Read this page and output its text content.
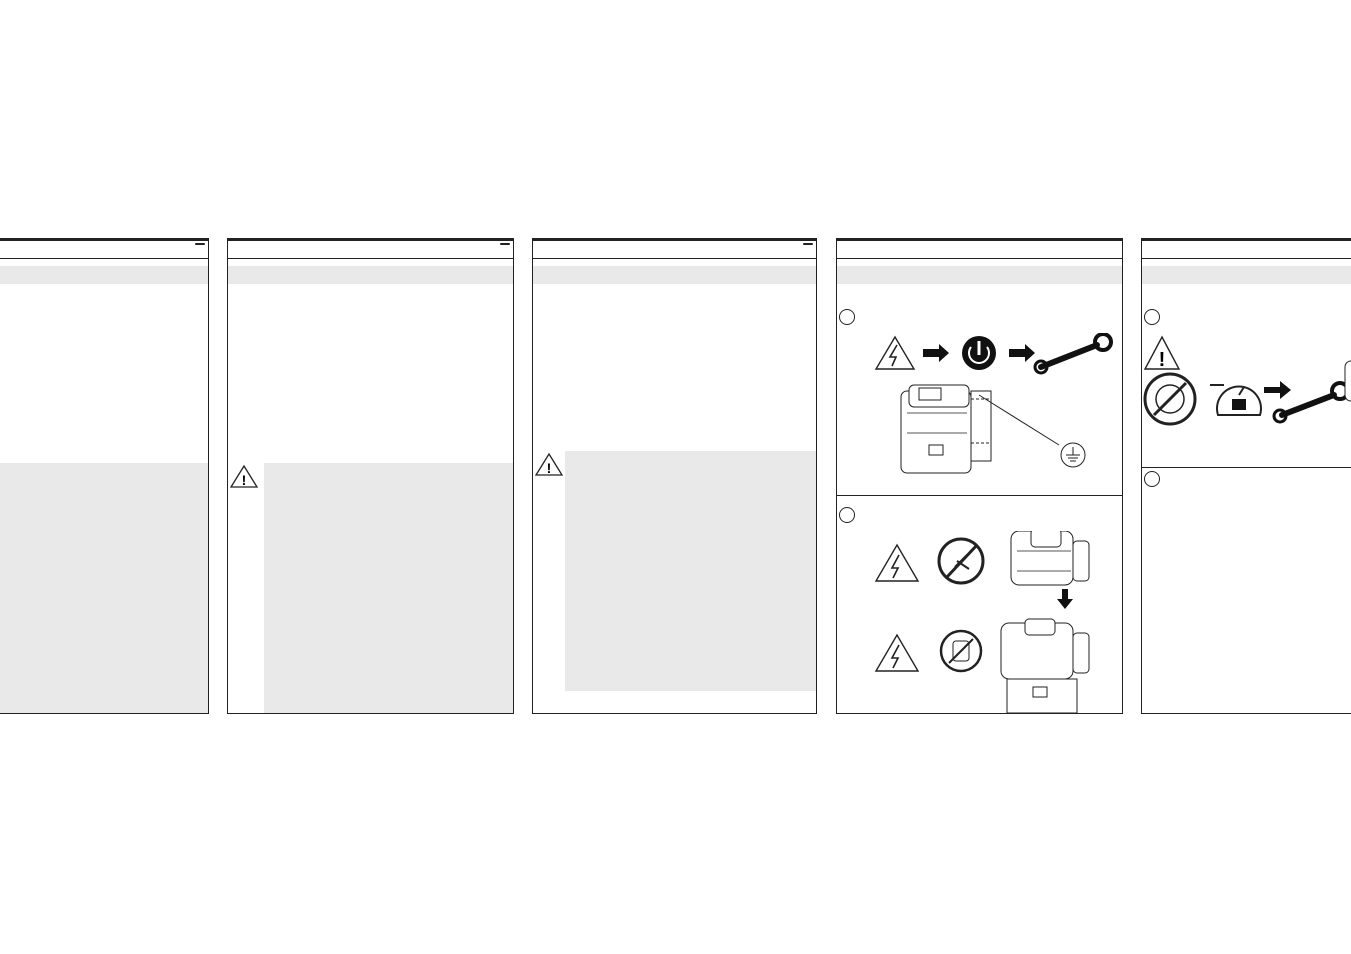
!
!
!
